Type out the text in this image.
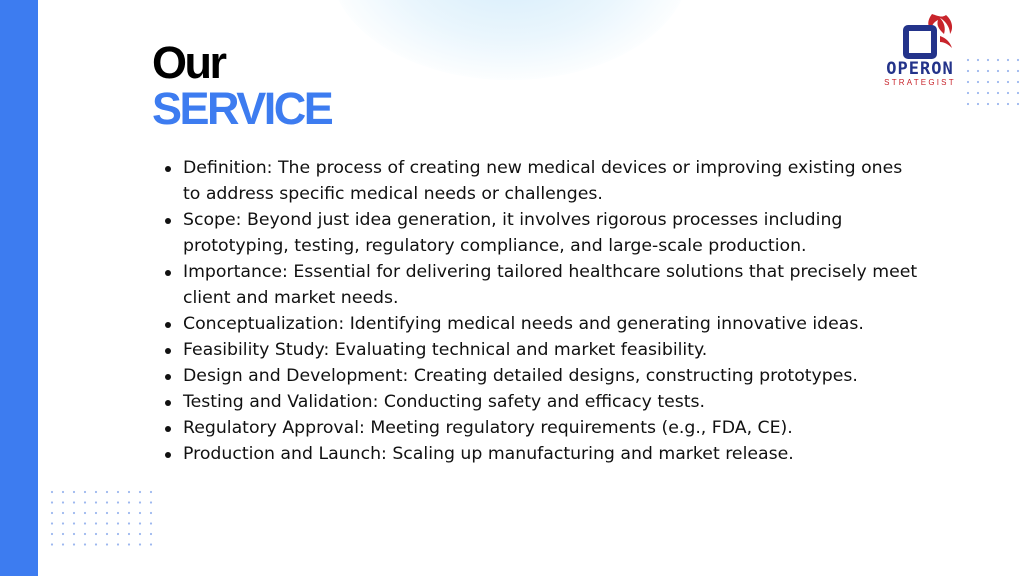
Our
SERVICE
OPERON
STRATEGIST
Definition: The process of creating new medical devices or improving existing ones to address specific medical needs or challenges.
Scope: Beyond just idea generation, it involves rigorous processes including prototyping, testing, regulatory compliance, and large-scale production.
Importance: Essential for delivering tailored healthcare solutions that precisely meet client and market needs.
Conceptualization: Identifying medical needs and generating innovative ideas.
Feasibility Study: Evaluating technical and market feasibility.
Design and Development: Creating detailed designs, constructing prototypes.
Testing and Validation: Conducting safety and efficacy tests.
Regulatory Approval: Meeting regulatory requirements (e.g., FDA, CE).
Production and Launch: Scaling up manufacturing and market release.
